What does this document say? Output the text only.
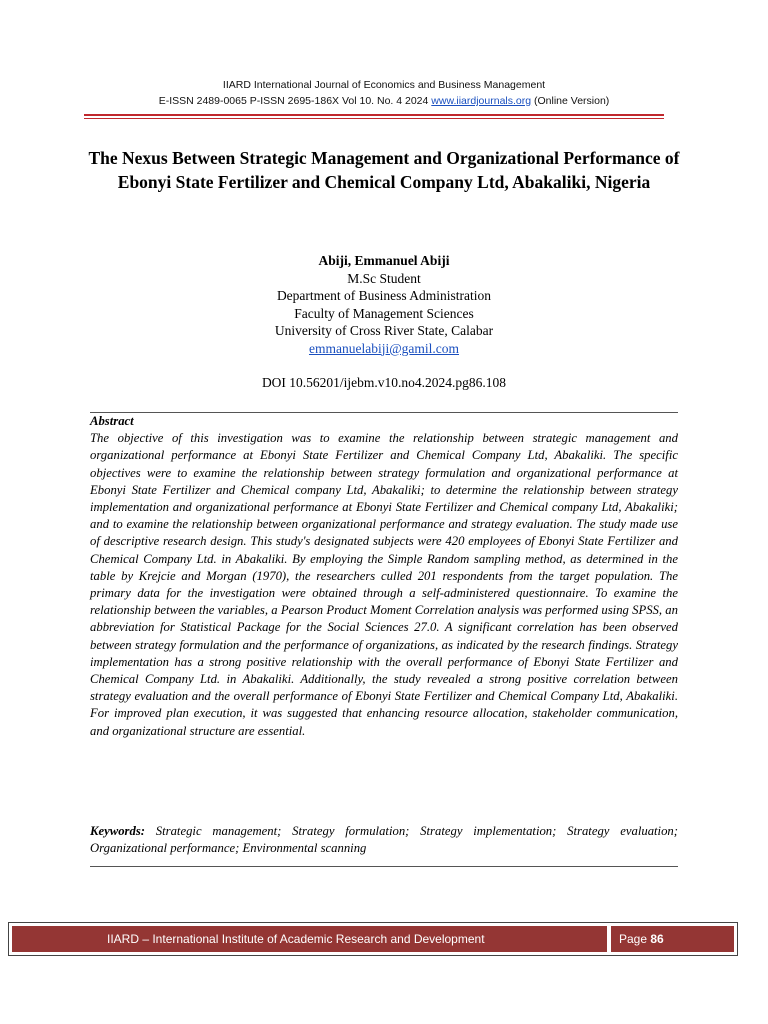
IIARD International Journal of Economics and Business Management
E-ISSN 2489-0065 P-ISSN 2695-186X Vol 10. No. 4 2024 www.iiardjournals.org (Online Version)
The Nexus Between Strategic Management and Organizational Performance of Ebonyi State Fertilizer and Chemical Company Ltd, Abakaliki, Nigeria
Abiji, Emmanuel Abiji
M.Sc Student
Department of Business Administration
Faculty of Management Sciences
University of Cross River State, Calabar
emmanuelabiji@gamil.com
DOI 10.56201/ijebm.v10.no4.2024.pg86.108
Abstract
The objective of this investigation was to examine the relationship between strategic management and organizational performance at Ebonyi State Fertilizer and Chemical Company Ltd, Abakaliki. The specific objectives were to examine the relationship between strategy formulation and organizational performance at Ebonyi State Fertilizer and Chemical company Ltd, Abakaliki; to determine the relationship between strategy implementation and organizational performance at Ebonyi State Fertilizer and Chemical company Ltd, Abakaliki; and to examine the relationship between organizational performance and strategy evaluation. The study made use of descriptive research design. This study's designated subjects were 420 employees of Ebonyi State Fertilizer and Chemical Company Ltd. in Abakaliki. By employing the Simple Random sampling method, as determined in the table by Krejcie and Morgan (1970), the researchers culled 201 respondents from the target population. The primary data for the investigation were obtained through a self-administered questionnaire. To examine the relationship between the variables, a Pearson Product Moment Correlation analysis was performed using SPSS, an abbreviation for Statistical Package for the Social Sciences 27.0. A significant correlation has been observed between strategy formulation and the performance of organizations, as indicated by the research findings. Strategy implementation has a strong positive relationship with the overall performance of Ebonyi State Fertilizer and Chemical Company Ltd. in Abakaliki. Additionally, the study revealed a strong positive correlation between strategy evaluation and the overall performance of Ebonyi State Fertilizer and Chemical Company Ltd, Abakaliki. For improved plan execution, it was suggested that enhancing resource allocation, stakeholder communication, and organizational structure are essential.
Keywords: Strategic management; Strategy formulation; Strategy implementation; Strategy evaluation; Organizational performance; Environmental scanning
IIARD – International Institute of Academic Research and Development	Page 86
